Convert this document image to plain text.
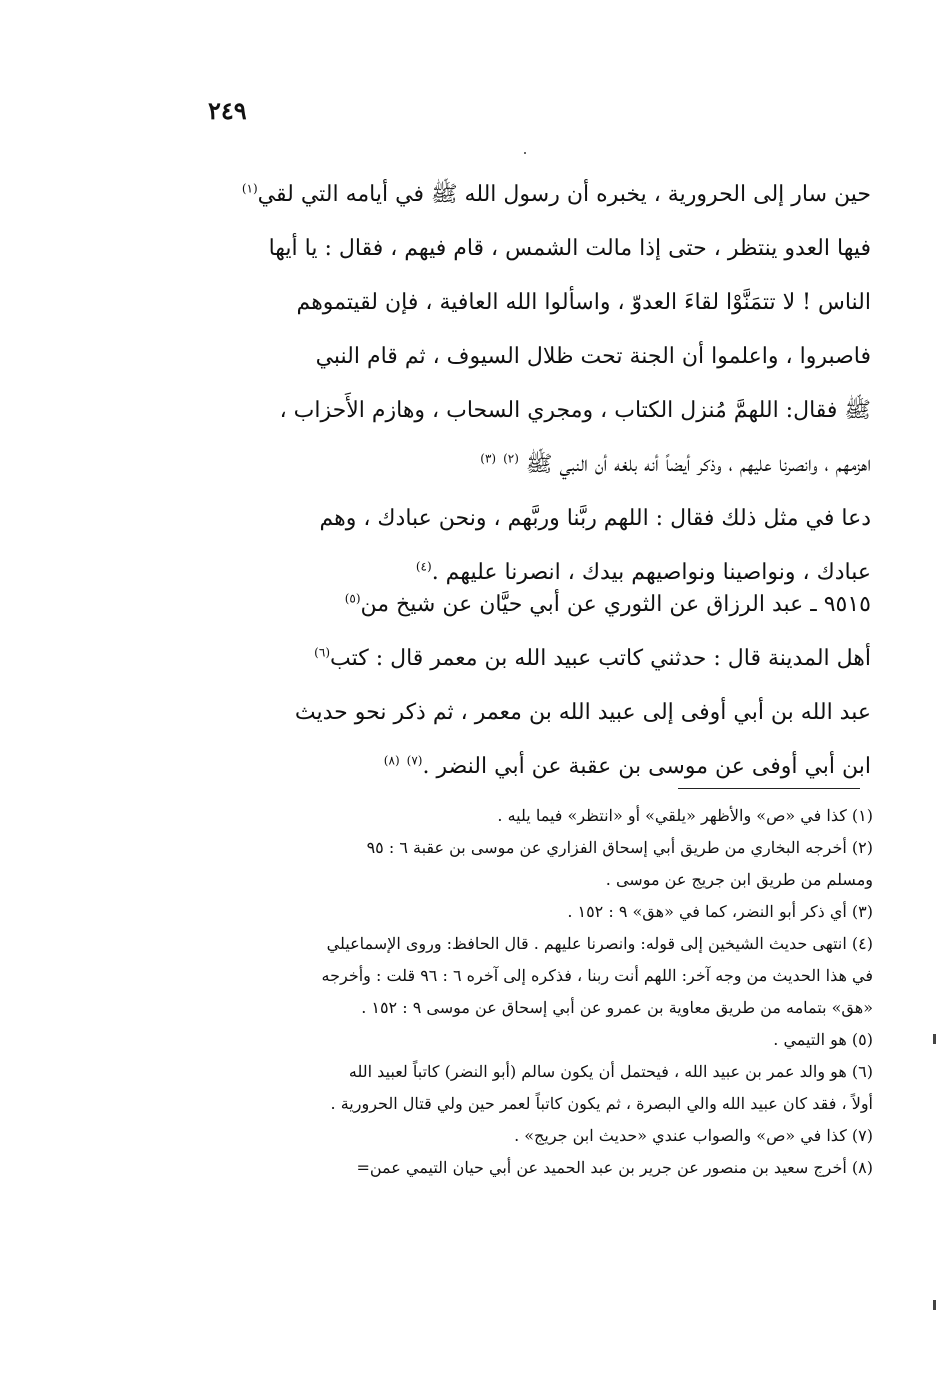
٢٤٩
حين سار إلى الحرورية ، يخبره أن رسول الله ﷺ في أيامه التي لقي$^{(١)}$
فيها العدو ينتظر ، حتى إذا مالت الشمس ، قام فيهم ، فقال : يا أيها
الناس ! لا تتمَنَّوْا لقاءَ العدوّ ، واسألوا الله العافية ، فإن لقيتموهم
فاصبروا ، واعلموا أن الجنة تحت ظلال السيوف ، ثم قام النبي
ﷺ فقال: اللهمَّ مُنزل الكتاب ، ومجري السحاب ، وهازم الأَحزاب ،
اهزمهم ، وانصرنا عليهم ، وذكر أيضاً أنه بلغه أن النبي ﷺ $^{(٢)}$ $^{(٣)}$
دعا في مثل ذلك فقال : اللهم ربَّنا وربَّهم ، ونحن عبادك ، وهم
عبادك ، ونواصينا ونواصيهم بيدك ، انصرنا عليهم .$^{(٤)}$
٩٥١٥ ـ عبد الرزاق عن الثوري عن أبي حيَّان عن شيخ من$^{(٥)}$
أهل المدينة قال : حدثني كاتب عبيد الله بن معمر قال : كتب$^{(٦)}$
عبد الله بن أبي أوفى إلى عبيد الله بن معمر ، ثم ذكر نحو حديث
ابن أبي أوفى عن موسى بن عقبة عن أبي النضر .$^{(٧)}$ $^{(٨)}$
(١) كذا في «ص» والأظهر «يلقي» أو «انتظر» فيما يليه .
(٢) أخرجه البخاري من طريق أبي إسحاق الفزاري عن موسى بن عقبة ٦ : ٩٥
ومسلم من طريق ابن جريج عن موسى .
(٣) أي ذكر أبو النضر، كما في «هق» ٩ : ١٥٢ .
(٤) انتهى حديث الشيخين إلى قوله: وانصرنا عليهم . قال الحافظ: وروى الإسماعيلي
في هذا الحديث من وجه آخر: اللهم أنت ربنا ، فذكره إلى آخره ٦ : ٩٦ قلت : وأخرجه
«هق» بتمامه من طريق معاوية بن عمرو عن أبي إسحاق عن موسى ٩ : ١٥٢ .
(٥) هو التيمي .
(٦) هو والد عمر بن عبيد الله ، فيحتمل أن يكون سالم (أبو النضر) كاتباً لعبيد الله
أولاً ، فقد كان عبيد الله والي البصرة ، ثم يكون كاتباً لعمر حين ولي قتال الحرورية .
(٧) كذا في «ص» والصواب عندي «حديث ابن جريج» .
(٨) أخرج سعيد بن منصور عن جرير بن عبد الحميد عن أبي حيان التيمي عمن=
